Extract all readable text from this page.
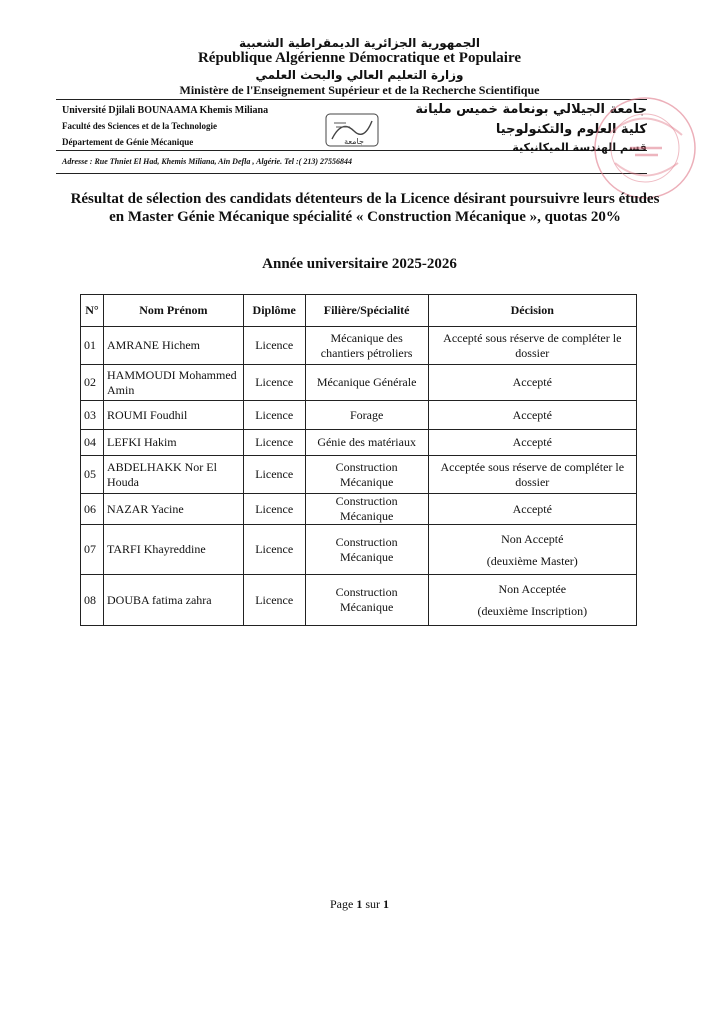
الجمهورية الجزائرية الديمقراطية الشعبية
République Algérienne Démocratique et Populaire
وزارة التعليم العالي والبحث العلمي
Ministère de l'Enseignement Supérieur et de la Recherche Scientifique
Université Djilali BOUNAAMA Khemis Miliana
Faculté des Sciences et de la Technologie
Département de Génie Mécanique
جامعة الجيلالي بونعامة خميس مليانة
كلية العلوم والتكنولوجيا
قسم الهندسة الميكانيكية
Adresse : Rue Thniet El Had, Khemis Miliana, Aïn Defla , Algérie. Tel :( 213) 27556844
جامعة
Résultat de sélection des candidats détenteurs de la Licence désirant poursuivre leurs études en Master Génie Mécanique spécialité « Construction Mécanique », quotas 20%
Année universitaire 2025-2026
N°	Nom Prénom	Diplôme	Filière/Spécialité	Décision
01	AMRANE Hichem	Licence	Mécanique des chantiers pétroliers	Accepté sous réserve de compléter le dossier
02	HAMMOUDI Mohammed Amin	Licence	Mécanique Générale	Accepté
03	ROUMI Foudhil	Licence	Forage	Accepté
04	LEFKI Hakim	Licence	Génie des matériaux	Accepté
05	ABDELHAKK Nor El Houda	Licence	Construction Mécanique	Acceptée sous réserve de compléter le dossier
06	NAZAR Yacine	Licence	Construction Mécanique	Accepté
07	TARFI Khayreddine	Licence	Construction Mécanique	Non Accepté
(deuxième Master)

08	DOUBA fatima zahra	Licence	Construction Mécanique	Non Acceptée
(deuxième Inscription)
Page 1 sur 1
